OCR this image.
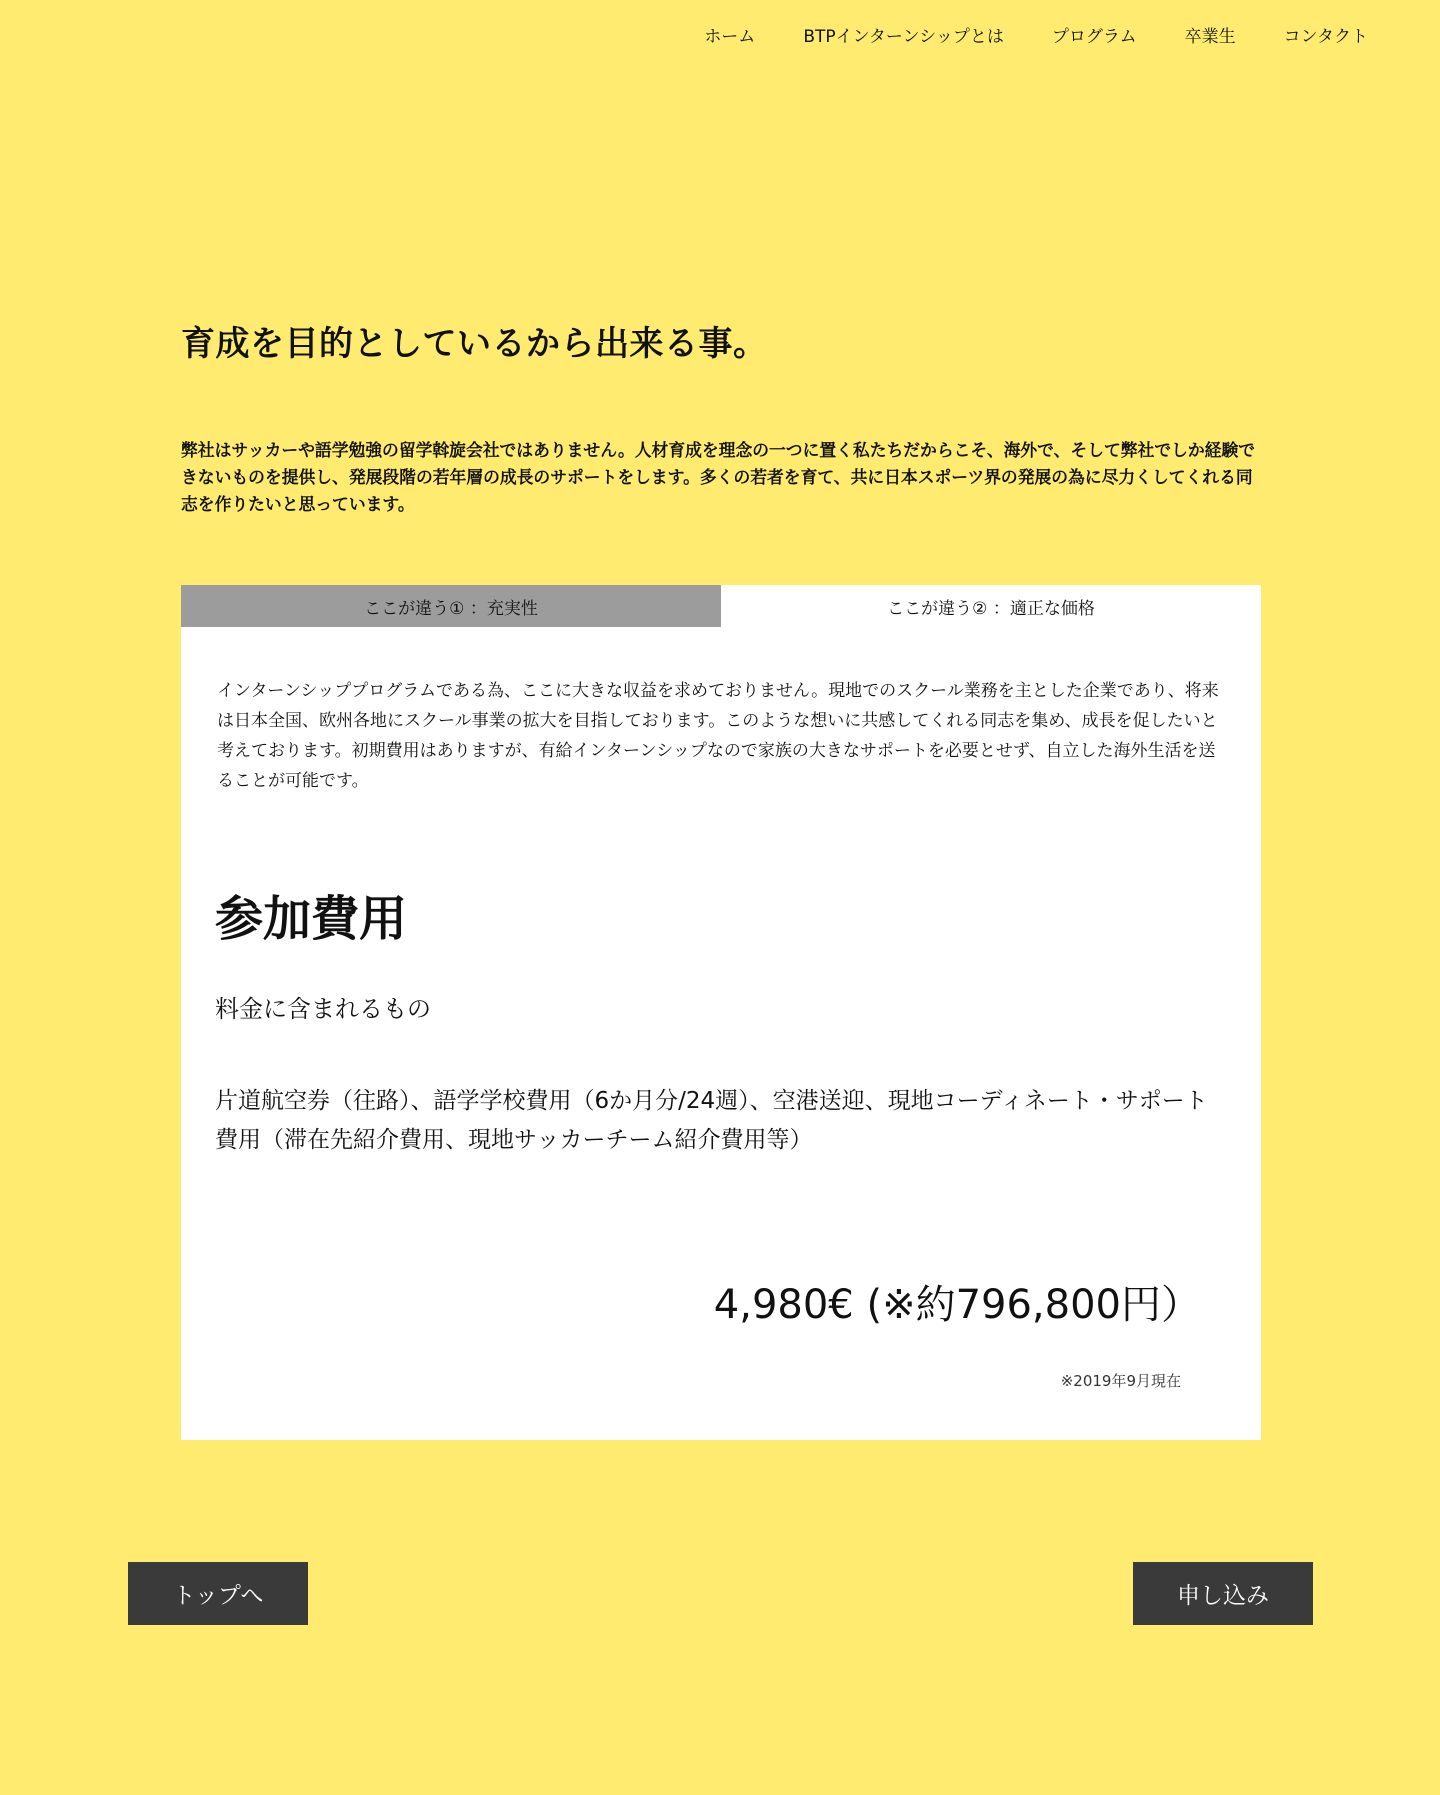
ホーム	BTPインターンシップとは	プログラム	卒業生	コンタクト
育成を目的としているから出来る事。

弊社はサッカーや語学勉強の留学斡旋会社ではありません。人材育成を理念の一つに置く私たちだからこそ、海外で、そして弊社でしか経験できないものを提供し、発展段階の若年層の成長のサポートをします。多くの若者を育て、共に日本スポーツ界の発展の為に尽力くしてくれる同志を作りたいと思っています。

ここが違う① ：充実性	ここが違う② ：適正な価格

インターンシッププログラムである為、ここに大きな収益を求めておりません。現地でのスクール業務を主とした企業であり、将来は日本全国、欧州各地にスクール事業の拡大を目指しております。このような想いに共感してくれる同志を集め、成長を促したいと考えております。初期費用はありますが、有給インターンシップなので家族の大きなサポートを必要とせず、自立した海外生活を送ることが可能です。

参加費用

料金に含まれるもの

片道航空券（往路）、語学学校費用（6か月分/24週）、空港送迎、現地コーディネート・サポート費用（滞在先紹介費用、現地サッカーチーム紹介費用等）

4,980€ (※約796,800円）

※2019年9月現在

トップへ	申し込み
